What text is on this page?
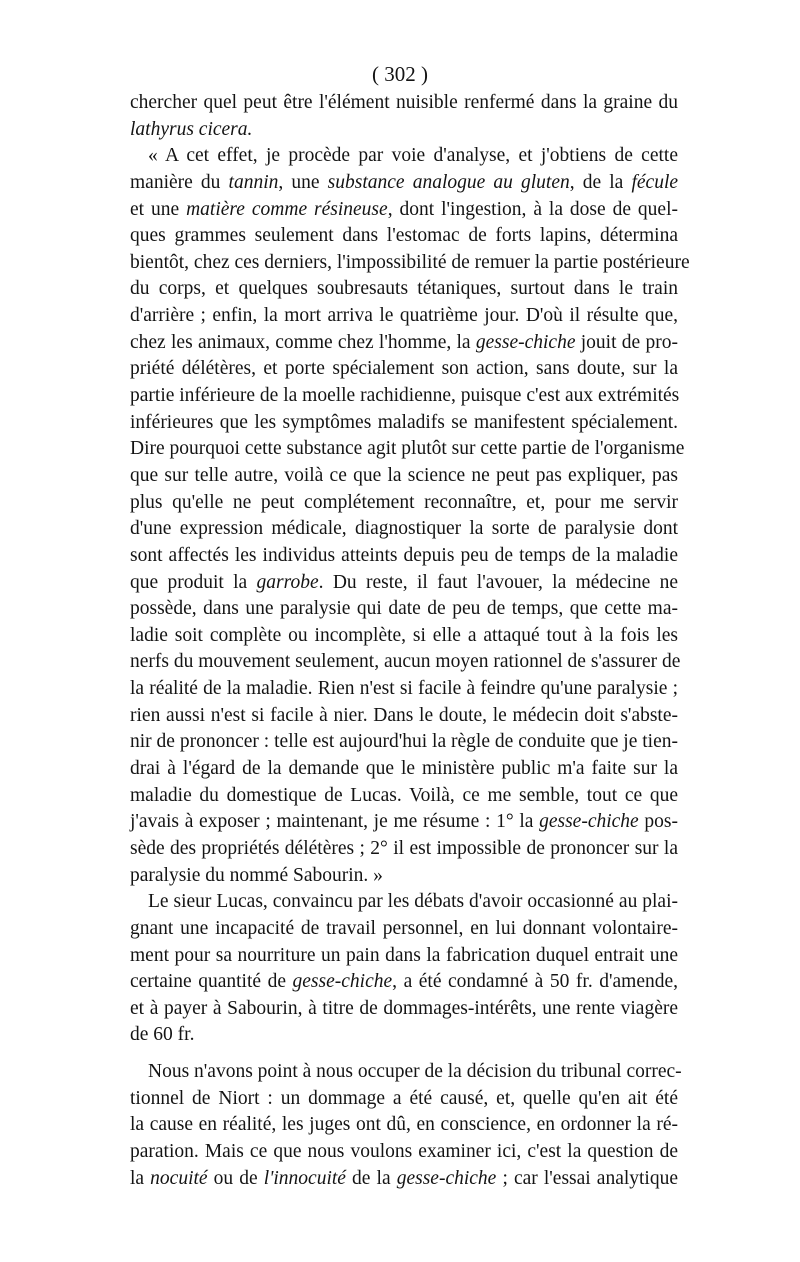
( 302 )
chercher quel peut être l'élément nuisible renfermé dans la graine du
lathyrus cicera.
« A cet effet, je procède par voie d'analyse, et j'obtiens de cette
manière du tannin, une substance analogue au gluten, de la fécule
et une matière comme résineuse, dont l'ingestion, à la dose de quel-
ques grammes seulement dans l'estomac de forts lapins, détermina
bientôt, chez ces derniers, l'impossibilité de remuer la partie postérieure
du corps, et quelques soubresauts tétaniques, surtout dans le train
d'arrière ; enfin, la mort arriva le quatrième jour. D'où il résulte que,
chez les animaux, comme chez l'homme, la gesse-chiche jouit de pro-
priété délétères, et porte spécialement son action, sans doute, sur la
partie inférieure de la moelle rachidienne, puisque c'est aux extrémités
inférieures que les symptômes maladifs se manifestent spécialement.
Dire pourquoi cette substance agit plutôt sur cette partie de l'organisme
que sur telle autre, voilà ce que la science ne peut pas expliquer, pas
plus qu'elle ne peut complétement reconnaître, et, pour me servir
d'une expression médicale, diagnostiquer la sorte de paralysie dont
sont affectés les individus atteints depuis peu de temps de la maladie
que produit la garrobe. Du reste, il faut l'avouer, la médecine ne
possède, dans une paralysie qui date de peu de temps, que cette ma-
ladie soit complète ou incomplète, si elle a attaqué tout à la fois les
nerfs du mouvement seulement, aucun moyen rationnel de s'assurer de
la réalité de la maladie. Rien n'est si facile à feindre qu'une paralysie ;
rien aussi n'est si facile à nier. Dans le doute, le médecin doit s'abste-
nir de prononcer : telle est aujourd'hui la règle de conduite que je tien-
drai à l'égard de la demande que le ministère public m'a faite sur la
maladie du domestique de Lucas. Voilà, ce me semble, tout ce que
j'avais à exposer ; maintenant, je me résume : 1° la gesse-chiche pos-
sède des propriétés délétères ; 2° il est impossible de prononcer sur la
paralysie du nommé Sabourin. »
Le sieur Lucas, convaincu par les débats d'avoir occasionné au plai-
gnant une incapacité de travail personnel, en lui donnant volontaire-
ment pour sa nourriture un pain dans la fabrication duquel entrait une
certaine quantité de gesse-chiche, a été condamné à 50 fr. d'amende,
et à payer à Sabourin, à titre de dommages-intérêts, une rente viagère
de 60 fr.
Nous n'avons point à nous occuper de la décision du tribunal correc-
tionnel de Niort : un dommage a été causé, et, quelle qu'en ait été
la cause en réalité, les juges ont dû, en conscience, en ordonner la ré-
paration. Mais ce que nous voulons examiner ici, c'est la question de
la nocuité ou de l'innocuité de la gesse-chiche ; car l'essai analytique
